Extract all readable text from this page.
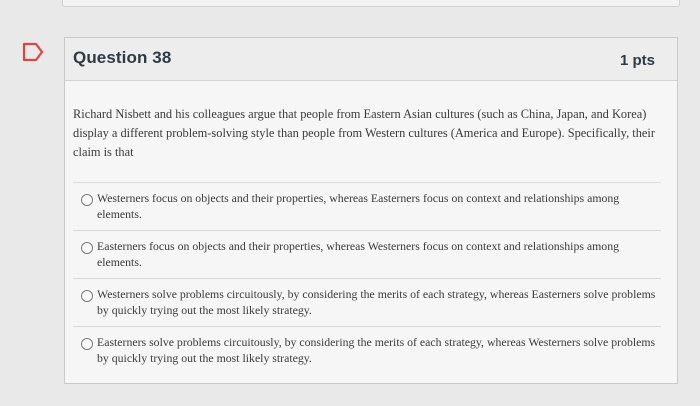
Question 38	1 pts
Richard Nisbett and his colleagues argue that people from Eastern Asian cultures (such as China, Japan, and Korea) display a different problem-solving style than people from Western cultures (America and Europe). Specifically, their claim is that
Westerners focus on objects and their properties, whereas Easterners focus on context and relationships among elements.
Easterners focus on objects and their properties, whereas Westerners focus on context and relationships among elements.
Westerners solve problems circuitously, by considering the merits of each strategy, whereas Easterners solve problems by quickly trying out the most likely strategy.
Easterners solve problems circuitously, by considering the merits of each strategy, whereas Westerners solve problems by quickly trying out the most likely strategy.
